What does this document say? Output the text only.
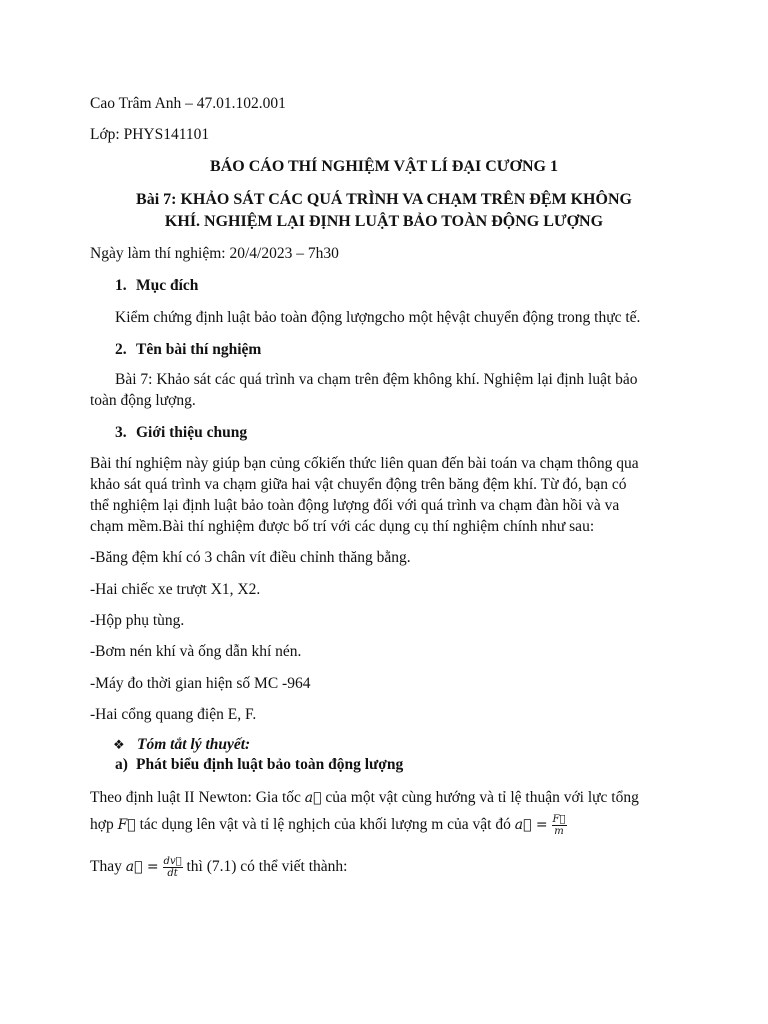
Cao Trâm Anh – 47.01.102.001
Lớp: PHYS141101
BÁO CÁO THÍ NGHIỆM VẬT LÍ ĐẠI CƯƠNG 1
Bài 7: KHẢO SÁT CÁC QUÁ TRÌNH VA CHẠM TRÊN ĐỆM KHÔNG
KHÍ. NGHIỆM LẠI ĐỊNH LUẬT BẢO TOÀN ĐỘNG LƯỢNG
Ngày làm thí nghiệm: 20/4/2023 – 7h30
1. Mục đích
Kiểm chứng định luật bảo toàn động lượngcho một hệvật chuyển động trong thực tế.
2. Tên bài thí nghiệm
Bài 7: Khảo sát các quá trình va chạm trên đệm không khí. Nghiệm lại định luật bảo
toàn động lượng.
3. Giới thiệu chung
Bài thí nghiệm này giúp bạn củng cốkiến thức liên quan đến bài toán va chạm thông qua
khảo sát quá trình va chạm giữa hai vật chuyển động trên băng đệm khí. Từ đó, bạn có
thể nghiệm lại định luật bảo toàn động lượng đối với quá trình va chạm đàn hồi và va
chạm mềm.Bài thí nghiệm được bố trí với các dụng cụ thí nghiệm chính như sau:
-Băng đệm khí có 3 chân vít điều chỉnh thăng bằng.
-Hai chiếc xe trượt X1, X2.
-Hộp phụ tùng.
-Bơm nén khí và ống dẫn khí nén.
-Máy đo thời gian hiện số MC -964
-Hai cổng quang điện E, F.
❖ Tóm tắt lý thuyết:
a) Phát biểu định luật bảo toàn động lượng
Theo định luật II Newton: Gia tốc a⃗ của một vật cùng hướng và tỉ lệ thuận với lực tổng
hợp F⃗ tác dụng lên vật và tỉ lệ nghịch của khối lượng m của vật đó a⃗ = $\frac{F⃗}{m}$
Thay a⃗ = $\frac{dv⃗}{dt}$ thì (7.1) có thể viết thành:
